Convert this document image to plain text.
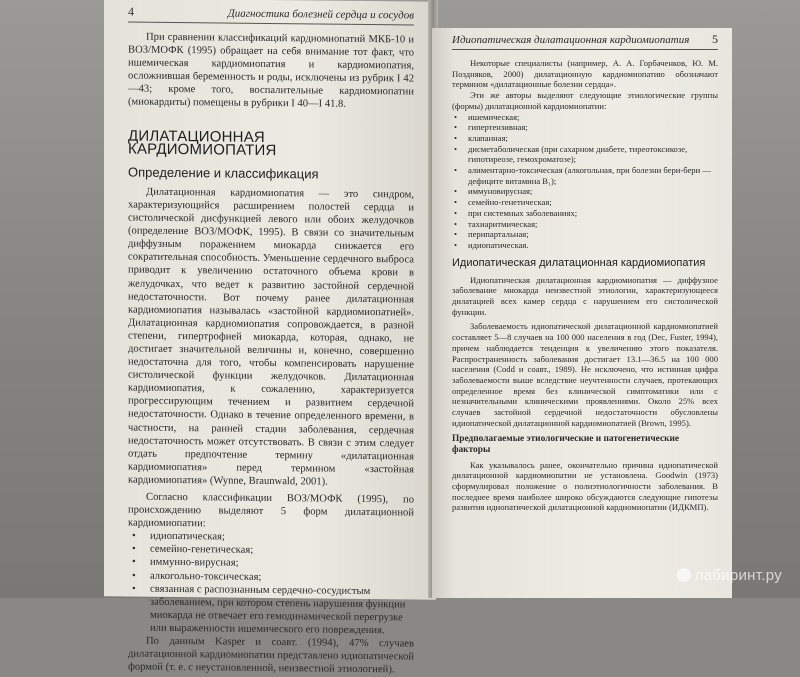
4	Диагностика болезней сердца и сосудов

При сравнении классификаций кардиомиопатий МКБ-10 и ВОЗ/МОФК (1995) обращает на себя внимание тот факт, что ишемическая кардиомиопатия и кардиомиопатия, осложнившая беременность и роды, исключены из рубрик I 42—43; кроме того, воспалительные кардиомиопатии (миокардиты) помещены в рубрики I 40—I 41.8.

ДИЛАТАЦИОННАЯ КАРДИОМИОПАТИЯ
Определение и классификация

Дилатационная кардиомиопатия — это синдром, характеризующийся расширением полостей сердца и систолической дисфункцией левого или обоих желудочков (определение ВОЗ/МОФК, 1995). В связи со значительным диффузным поражением миокарда снижается его сократительная способность. Уменьшение сердечного выброса приводит к увеличению остаточного объема крови в желудочках, что ведет к развитию застойной сердечной недостаточности. Вот почему ранее дилатационная кардиомиопатия называлась «застойной кардиомиопатией». Дилатационная кардиомиопатия сопровождается, в разной степени, гипертрофией миокарда, которая, однако, не достигает значительной величины и, конечно, совершенно недостаточна для того, чтобы компенсировать нарушение систолической функции желудочков. Дилатационная кардиомиопатия, к сожалению, характеризуется прогрессирующим течением и развитием сердечной недостаточности. Однако в течение определенного времени, в частности, на ранней стадии заболевания, сердечная недостаточность может отсутствовать. В связи с этим следует отдать предпочтение термину «дилатационная кардиомиопатия» перед термином «застойная кардиомиопатия» (Wynne, Braunwald, 2001).

Согласно классификации ВОЗ/МОФК (1995), по происхождению выделяют 5 форм дилатационной кардиомиопатии:

• идиопатическая;
• семейно-генетическая;
• иммунно-вирусная;
• алкогольно-токсическая;
• связанная с распознанным сердечно-сосудистым заболеванием, при котором степень нарушения функции миокарда не отвечает его гемодинамической перегрузке или выраженности ишемического его повреждения.

По данным Kasper и соавт. (1994), 47% случаев дилатационной кардиомиопатии представлено идиопатической формой (т. е. с неустановленной, неизвестной этиологией).

Идиопатическая дилатационная кардиомиопатия 5

Некоторые специалисты (например, А. А. Горбаченков, Ю. М. Поздняков, 2000) дилатационную кардиомиопатию обозначают термином «дилатационные болезни сердца».

Эти же авторы выделяют следующие этиологические группы (формы) дилатационной кардиомиопатии:

• ишемическая;
• гипертензивная;
• клапанная;
• дисметаболическая (при сахарном диабете, тиреотоксикозе, гипотиреозе, гемохроматозе);
• алиментарно-токсическая (алкогольная, при болезни бери-бери — дефиците витамина B₁);
• иммуновирусная;
• семейно-генетическая;
• при системных заболеваниях;
• тахиаритмическая;
• перипартальная;
• идиопатическая.
Идиопатическая дилатационная кардиомиопатия

Идиопатическая дилатационная кардиомиопатия — диффузное заболевание миокарда неизвестной этиологии, характеризующееся дилатацией всех камер сердца с нарушением его систолической функции.

Заболеваемость идиопатической дилатационной кардиомиопатией составляет 5—8 случаев на 100 000 населения в год (Dec, Fuster, 1994), причем наблюдается тенденция к увеличению этого показателя. Распространенность заболевания достигает 13.1—36.5 на 100 000 населения (Codd и соавт., 1989). Не исключено, что истинная цифра заболеваемости выше вследствие неучтенности случаев, протекающих определенное время без клинической симптоматики или с незначительными клиническими проявлениями. Около 25% всех случаев застойной сердечной недостаточности обусловлены идиопатической дилатационной кардиомиопатией (Brown, 1995).

Предполагаемые этиологические и патогенетические факторы

Как указывалось ранее, окончательно причина идиопатической дилатационной кардиомиопатии не установлена. Goodwin (1973) сформулировал положение о полиэтиологичности заболевания. В последнее время наиболее широко обсуждаются следующие гипотезы развития идиопатической дилатационной кардиомиопатии (ИДКМП).

лабиринт.ру
